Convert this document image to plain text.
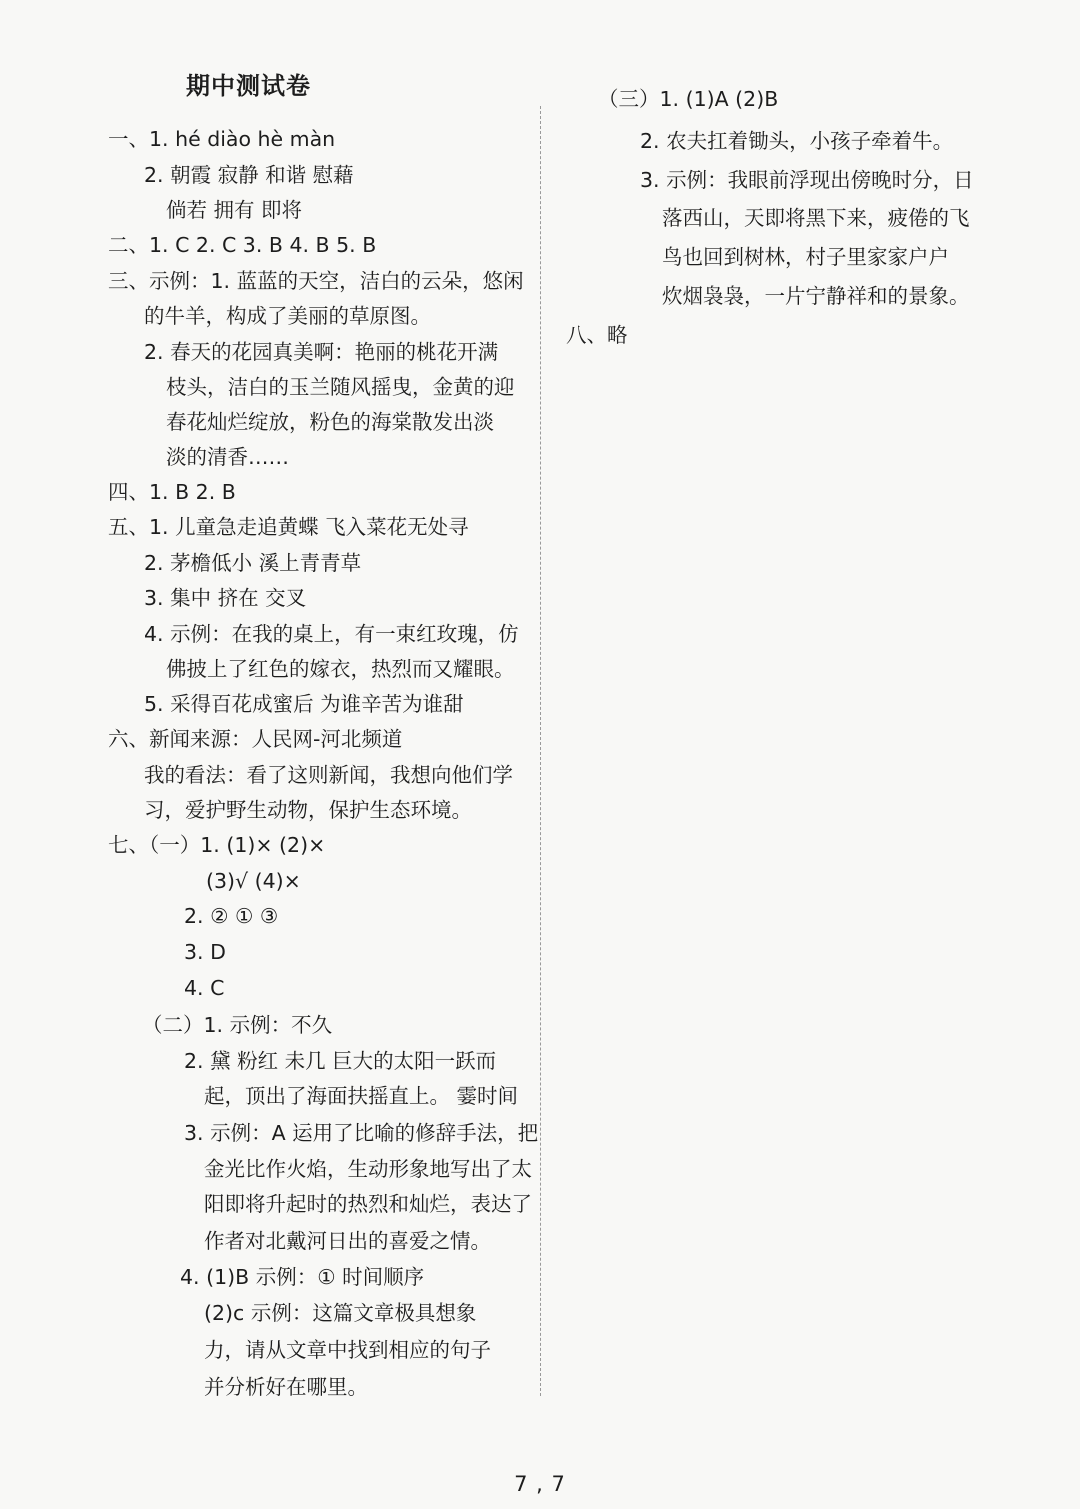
期中测试卷
一、1. hé diào hè màn
2. 朝霞 寂静 和谐 慰藉
倘若 拥有 即将
二、1. C 2. C 3. B 4. B 5. B
三、示例：1. 蓝蓝的天空，洁白的云朵，悠闲
的牛羊，构成了美丽的草原图。
2. 春天的花园真美啊：艳丽的桃花开满
枝头，洁白的玉兰随风摇曳，金黄的迎
春花灿烂绽放，粉色的海棠散发出淡
淡的清香……
四、1. B 2. B
五、1. 儿童急走追黄蝶 飞入菜花无处寻
2. 茅檐低小 溪上青青草
3. 集中 挤在 交叉
4. 示例：在我的桌上，有一束红玫瑰，仿
佛披上了红色的嫁衣，热烈而又耀眼。
5. 采得百花成蜜后 为谁辛苦为谁甜
六、新闻来源：人民网-河北频道
我的看法：看了这则新闻，我想向他们学
习，爱护野生动物，保护生态环境。
七、（一）1. (1)× (2)×
(3)√ (4)×
2. ② ① ③
3. D
4. C
（二）1. 示例：不久
2. 黛 粉红 未几 巨大的太阳一跃而
起，顶出了海面扶摇直上。 霎时间
3. 示例：A 运用了比喻的修辞手法，把
金光比作火焰，生动形象地写出了太
阳即将升起时的热烈和灿烂，表达了
作者对北戴河日出的喜爱之情。
4. (1)B 示例：① 时间顺序
(2)c 示例：这篇文章极具想象
力，请从文章中找到相应的句子
并分析好在哪里。
（三）1. (1)A (2)B
2. 农夫扛着锄头，小孩子牵着牛。
3. 示例：我眼前浮现出傍晚时分，日
落西山，天即将黑下来，疲倦的飞
鸟也回到树林，村子里家家户户
炊烟袅袅，一片宁静祥和的景象。
八、略
7 , 7
